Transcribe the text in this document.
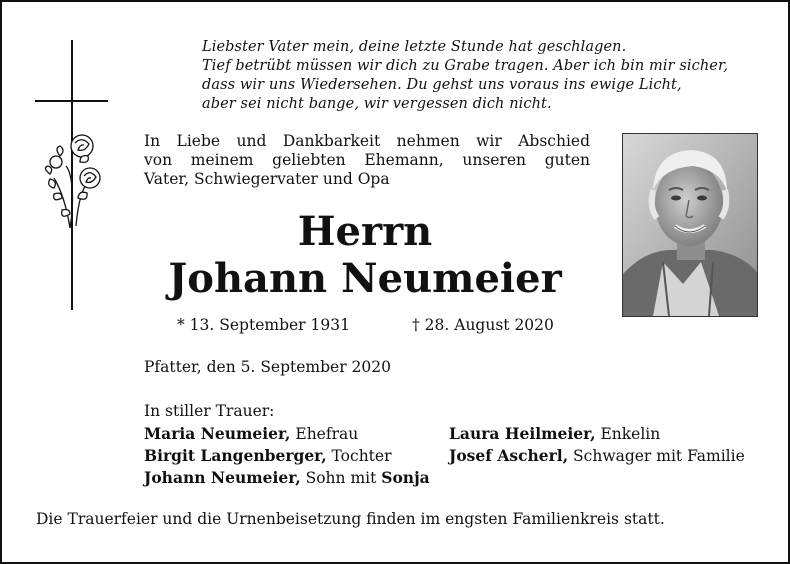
Liebster Vater mein, deine letzte Stunde hat geschlagen.
Tief betrübt müssen wir dich zu Grabe tragen. Aber ich bin mir sicher,
dass wir uns Wiedersehen. Du gehst uns voraus ins ewige Licht,
aber sei nicht bange, wir vergessen dich nicht.
In Liebe und Dankbarkeit nehmen wir Abschied
von meinem geliebten Ehemann, unseren guten
Vater, Schwiegervater und Opa
Herrn
Johann Neumeier
* 13. September 1931	† 28. August 2020
Pfatter, den 5. September 2020
In stiller Trauer:
Maria Neumeier, Ehefrau
Birgit Langenberger, Tochter
Johann Neumeier, Sohn mit Sonja
Laura Heilmeier, Enkelin
Josef Ascherl, Schwager mit Familie
Die Trauerfeier und die Urnenbeisetzung finden im engsten Familienkreis statt.
